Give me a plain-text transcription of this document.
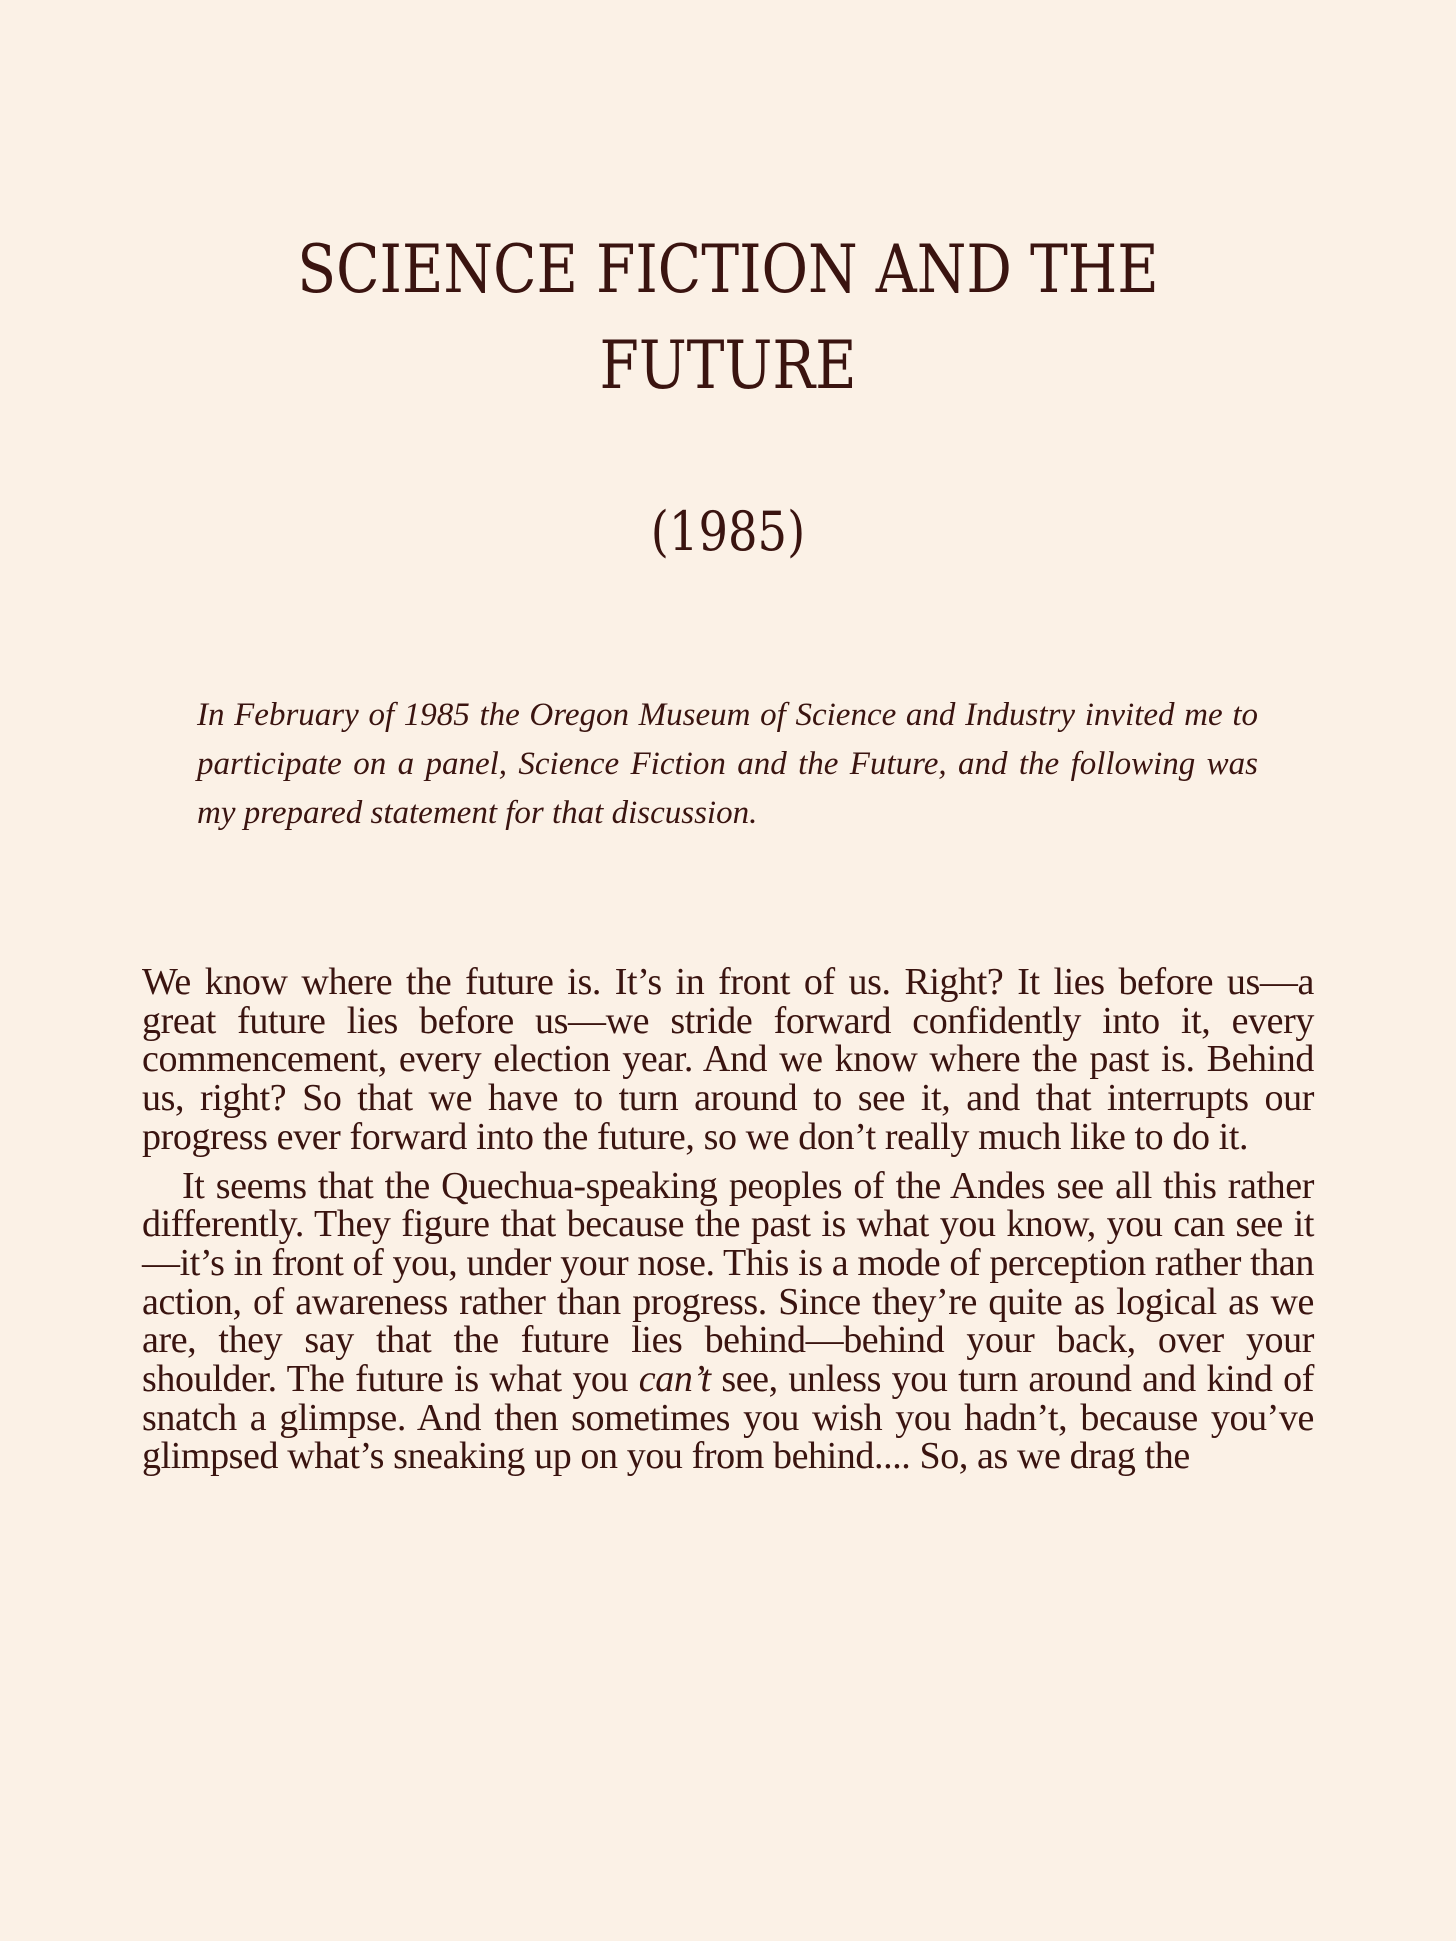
SCIENCE FICTION AND THE FUTURE
(1985)

In February of 1985 the Oregon Museum of Science and Industry invited me to participate on a panel, Science Fiction and the Future, and the following was my prepared statement for that discussion.

We know where the future is. It’s in front of us. Right? It lies before us—a great future lies before us—we stride forward confidently into it, every commencement, every election year. And we know where the past is. Behind us, right? So that we have to turn around to see it, and that interrupts our progress ever forward into the future, so we don’t really much like to do it.

It seems that the Quechua-speaking peoples of the Andes see all this rather differently. They figure that because the past is what you know, you can see it—it’s in front of you, under your nose. This is a mode of perception rather than action, of awareness rather than progress. Since they’re quite as logical as we are, they say that the future lies behind—behind your back, over your shoulder. The future is what you can’t see, unless you turn around and kind of snatch a glimpse. And then sometimes you wish you hadn’t, because you’ve glimpsed what’s sneaking up on you from behind.... So, as we drag the
